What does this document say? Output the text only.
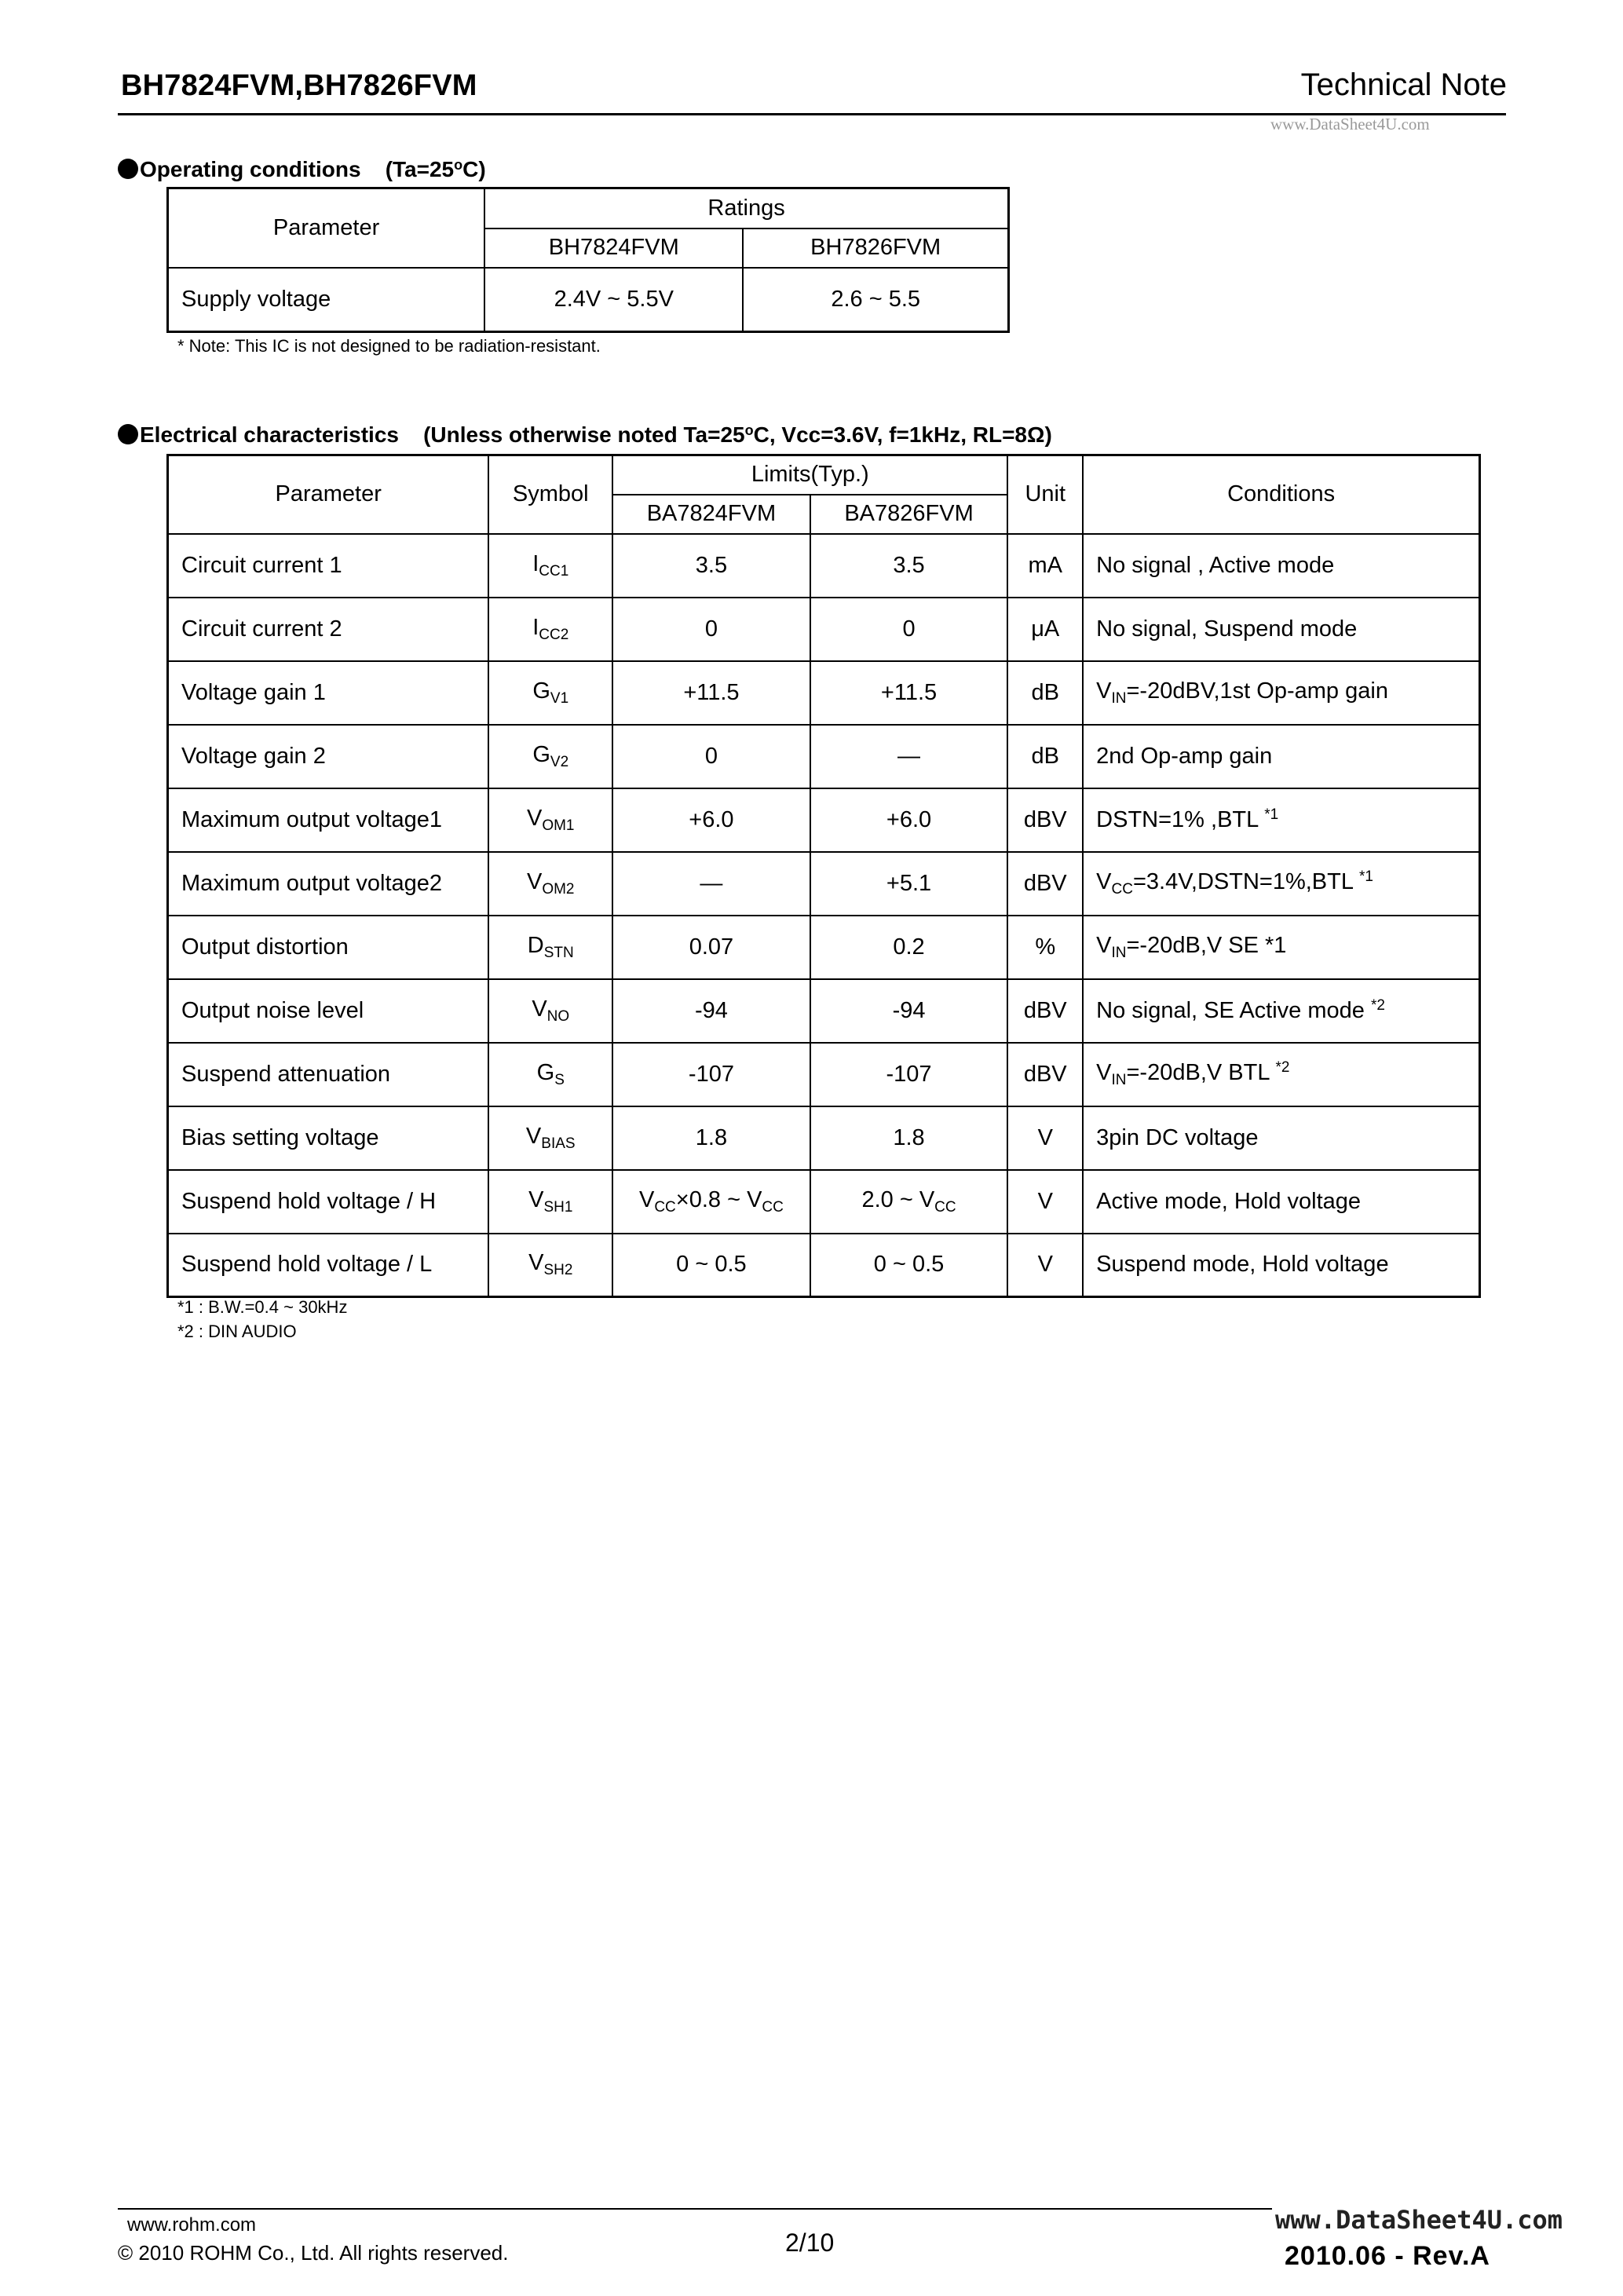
BH7824FVM,BH7826FVM	Technical Note
www.DataSheet4U.com
Operating conditions $(Ta=25^oC)$
Parameter	Ratings	
	BH7824FVM	BH7826FVM
Supply voltage	2.4V ~ 5.5V	2.6 ~ 5.5
* Note: This IC is not designed to be radiation-resistant.
Electrical characteristics (Unless otherwise noted $Ta=25^oC$, Vcc=3.6V, f=1kHz, RL=8Ω)
Parameter	Symbol	Limits(Typ.)		Unit	Conditions
		BA7824FVM	BA7826FVM		
Circuit current 1	$I_{CC1}$	3.5	3.5	mA	No signal , Active mode
Circuit current 2	$I_{CC2}$	0	0	μA	No signal, Suspend mode
Voltage gain 1	$G_{V1}$	+11.5	+11.5	dB	$V_{IN}=-20dBV,1st$ Op-amp gain
Voltage gain 2	$G_{V2}$	0	—	dB	2nd Op-amp gain
Maximum output voltage1	$V_{OM1}$	+6.0	+6.0	dBV	DSTN=1% ,BTL $^{*1}$
Maximum output voltage2	$V_{OM2}$	—	+5.1	dBV	$V_{CC}=3.4V,DSTN=1\%,BTL$ $^{*1}$
Output distortion	$D_{STN}$	0.07	0.2	%	$V_{IN}=-20dB,V$ SE *1
Output noise level	$V_{NO}$	-94	-94	dBV	No signal, SE Active mode $^{*2}$
Suspend attenuation	$G_S$	-107	-107	dBV	$V_{IN}=-20dB,V$ BTL $^{*2}$
Bias setting voltage	$V_{BIAS}$	1.8	1.8	V	3pin DC voltage
Suspend hold voltage / H	$V_{SH1}$	$V_{CC}\times 0.8$ ~ $V_{CC}$	2.0 ~ $V_{CC}$	V	Active mode, Hold voltage
Suspend hold voltage / L	$V_{SH2}$	0 ~ 0.5	0 ~ 0.5	V	Suspend mode, Hold voltage
*1 : B.W.=0.4 ~ 30kHz
*2 : DIN AUDIO
www.rohm.com
© 2010 ROHM Co., Ltd. All rights reserved.	2/10	2010.06 - Rev.A
www.DataSheet4U.com
